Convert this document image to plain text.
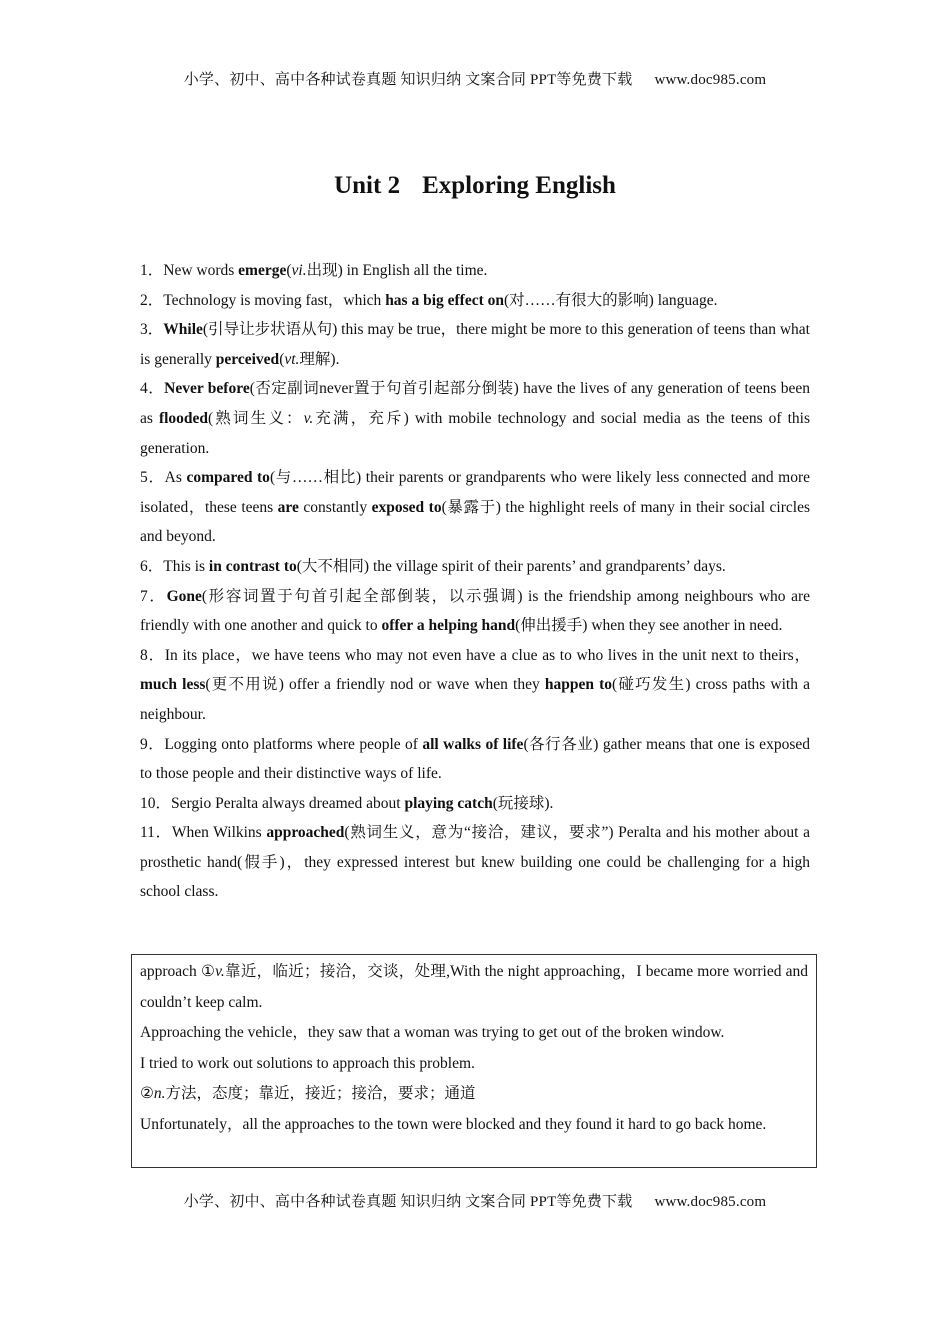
小学、初中、高中各种试卷真题 知识归纳 文案合同 PPT等免费下载 www.doc985.com
Unit 2 Exploring English

1．New words emerge(vi.出现) in English all the time.

2．Technology is moving fast，which has a big effect on(对……有很大的影响) language.

3．While(引导让步状语从句) this may be true，there might be more to this generation of teens than what is generally perceived(vt.理解).

4．Never before(否定副词never置于句首引起部分倒装) have the lives of any generation of teens been as flooded(熟词生义：v.充满，充斥) with mobile technology and social media as the teens of this generation.

5．As compared to(与……相比) their parents or grandparents who were likely less connected and more isolated，these teens are constantly exposed to(暴露于) the highlight reels of many in their social circles and beyond.

6．This is in contrast to(大不相同) the village spirit of their parents’ and grandparents’ days.

7．Gone(形容词置于句首引起全部倒装，以示强调) is the friendship among neighbours who are friendly with one another and quick to offer a helping hand(伸出援手) when they see another in need.

8．In its place，we have teens who may not even have a clue as to who lives in the unit next to theirs，much less(更不用说) offer a friendly nod or wave when they happen to(碰巧发生) cross paths with a neighbour.

9．Logging onto platforms where people of all walks of life(各行各业) gather means that one is exposed to those people and their distinctive ways of life.

10．Sergio Peralta always dreamed about playing catch(玩接球).

11．When Wilkins approached(熟词生义，意为“接洽，建议，要求”) Peralta and his mother about a prosthetic hand(假手)，they expressed interest but knew building one could be challenging for a high school class.

approach ①v.靠近，临近；接洽，交谈，处理,With the night approaching，I became more worried and couldn’t keep calm.

Approaching the vehicle，they saw that a woman was trying to get out of the broken window.

I tried to work out solutions to approach this problem.

②n.方法，态度；靠近，接近；接洽，要求；通道

Unfortunately，all the approaches to the town were blocked and they found it hard to go back home.

小学、初中、高中各种试卷真题 知识归纳 文案合同 PPT等免费下载 www.doc985.com
